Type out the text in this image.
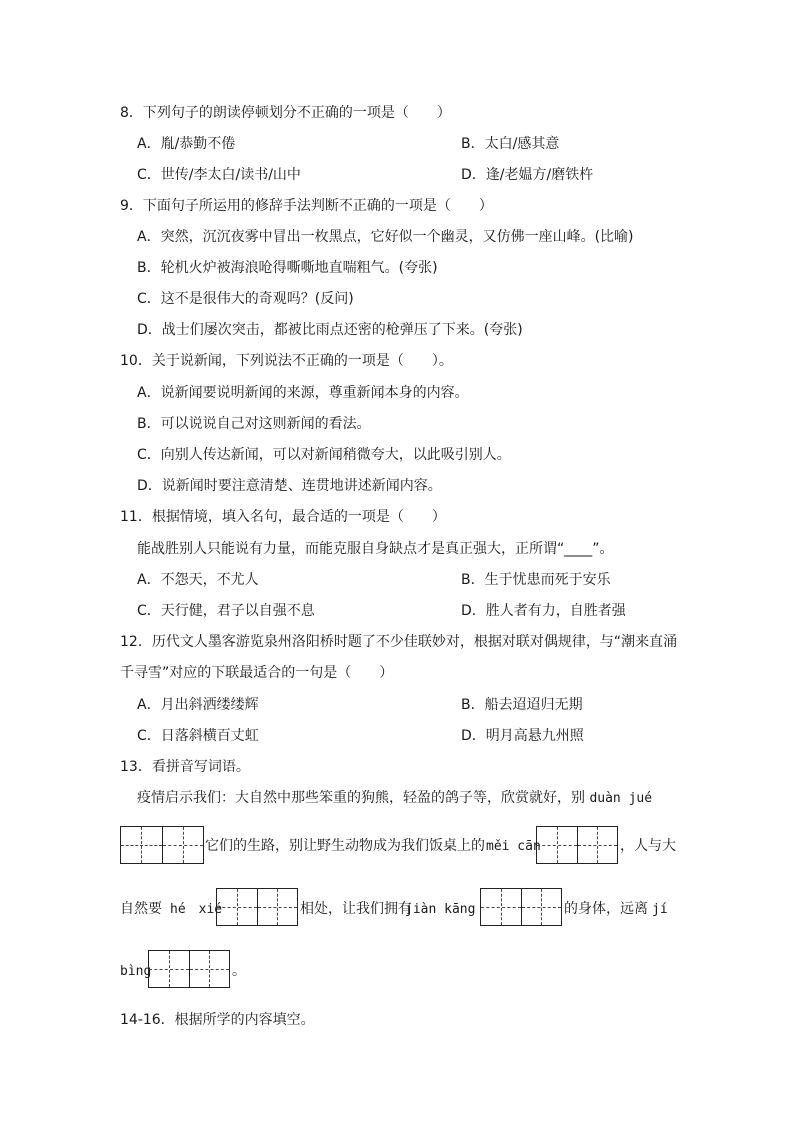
8．下列句子的朗读停顿划分不正确的一项是（　　）
A．胤/恭勤不倦	B．太白/感其意
C．世传/李太白/读书/山中	D．逢/老媪方/磨铁杵
9．下面句子所运用的修辞手法判断不正确的一项是（　　）
A．突然，沉沉夜雾中冒出一枚黑点，它好似一个幽灵，又仿佛一座山峰。(比喻)
B．轮机火炉被海浪呛得嘶嘶地直喘粗气。(夸张)
C．这不是很伟大的奇观吗？(反问)
D．战士们屡次突击，都被比雨点还密的枪弹压了下来。(夸张)
10．关于说新闻，下列说法不正确的一项是（　　）。
A．说新闻要说明新闻的来源，尊重新闻本身的内容。
B．可以说说自己对这则新闻的看法。
C．向别人传达新闻，可以对新闻稍微夸大，以此吸引别人。
D．说新闻时要注意清楚、连贯地讲述新闻内容。
11．根据情境，填入名句，最合适的一项是（　　）
能战胜别人只能说有力量，而能克服自身缺点才是真正强大，正所谓“____”。
A．不怨天，不尤人	B．生于忧患而死于安乐
C．天行健，君子以自强不息	D．胜人者有力，自胜者强
12．历代文人墨客游览泉州洛阳桥时题了不少佳联妙对，根据对联对偶规律，与“潮来直涌
千寻雪”对应的下联最适合的一句是（　　）
A．月出斜洒缕缕辉	B．船去迢迢归无期
C．日落斜横百丈虹	D．明月高悬九州照
13．看拼音写词语。
疫情启示我们：大自然中那些笨重的狗熊，轻盈的鸽子等，欣赏就好，别 duàn jué
它们的生路，别让野生动物成为我们饭桌上的 měi cān	，人与大
自然要 hé　xié	相处，让我们拥有
jiàn kāng	的身体，远离 jí
bìng	。
14-16．根据所学的内容填空。
